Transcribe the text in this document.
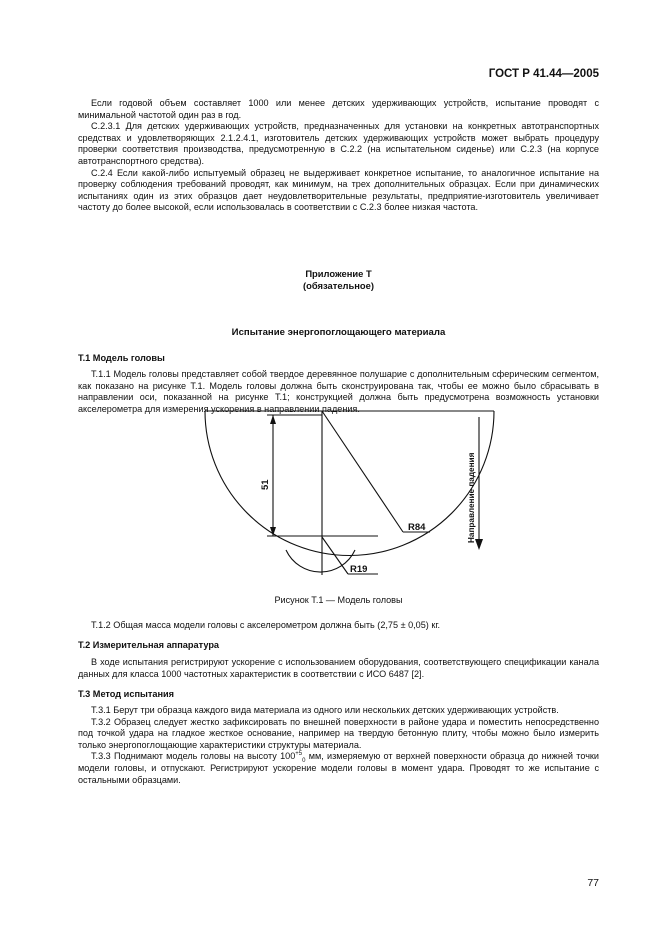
ГОСТ Р 41.44—2005

Если годовой объем составляет 1000 или менее детских удерживающих устройств, испытание проводят с минимальной частотой один раз в год.

С.2.3.1 Для детских удерживающих устройств, предназначенных для установки на конкретных автотранспортных средствах и удовлетворяющих 2.1.2.4.1, изготовитель детских удерживающих устройств может выбрать процедуру проверки соответствия производства, предусмотренную в С.2.2 (на испытательном сиденье) или С.2.3 (на корпусе автотранспортного средства).

С.2.4 Если какой-либо испытуемый образец не выдерживает конкретное испытание, то аналогичное испытание на проверку соблюдения требований проводят, как минимум, на трех дополнительных образцах. Если при динамических испытаниях один из этих образцов дает неудовлетворительные результаты, предприятие-изготовитель увеличивает частоту до более высокой, если использовалась в соответствии с С.2.3 более низкая частота.

Приложение Т
(обязательное)
Испытание энергопоглощающего материала
Т.1 Модель головы

Т.1.1 Модель головы представляет собой твердое деревянное полушарие с дополнительным сферическим сегментом, как показано на рисунке Т.1. Модель головы должна быть сконструирована так, чтобы ее можно было сбрасывать в направлении оси, показанной на рисунке Т.1; конструкцией должна быть предусмотрена возможность установки акселерометра для измерения ускорения в направлении падения.

51
R84
R19
Направление падения
Рисунок Т.1 — Модель головы

Т.1.2 Общая масса модели головы с акселерометром должна быть (2,75 ± 0,05) кг.

Т.2 Измерительная аппаратура

В ходе испытания регистрируют ускорение с использованием оборудования, соответствующего спецификации канала данных для класса 1000 частотных характеристик в соответствии с ИСО 6487 [2].

Т.3 Метод испытания

Т.3.1 Берут три образца каждого вида материала из одного или нескольких детских удерживающих устройств.

Т.3.2 Образец следует жестко зафиксировать по внешней поверхности в районе удара и поместить непосредственно под точкой удара на гладкое жесткое основание, например на твердую бетонную плиту, чтобы можно было измерить только энергопоглощающие характеристики структуры материала.

Т.3.3 Поднимают модель головы на высоту $100^{+5}_0$ мм, измеряемую от верхней поверхности образца до нижней точки модели головы, и отпускают. Регистрируют ускорение модели головы в момент удара. Проводят то же испытание с остальными образцами.

77
